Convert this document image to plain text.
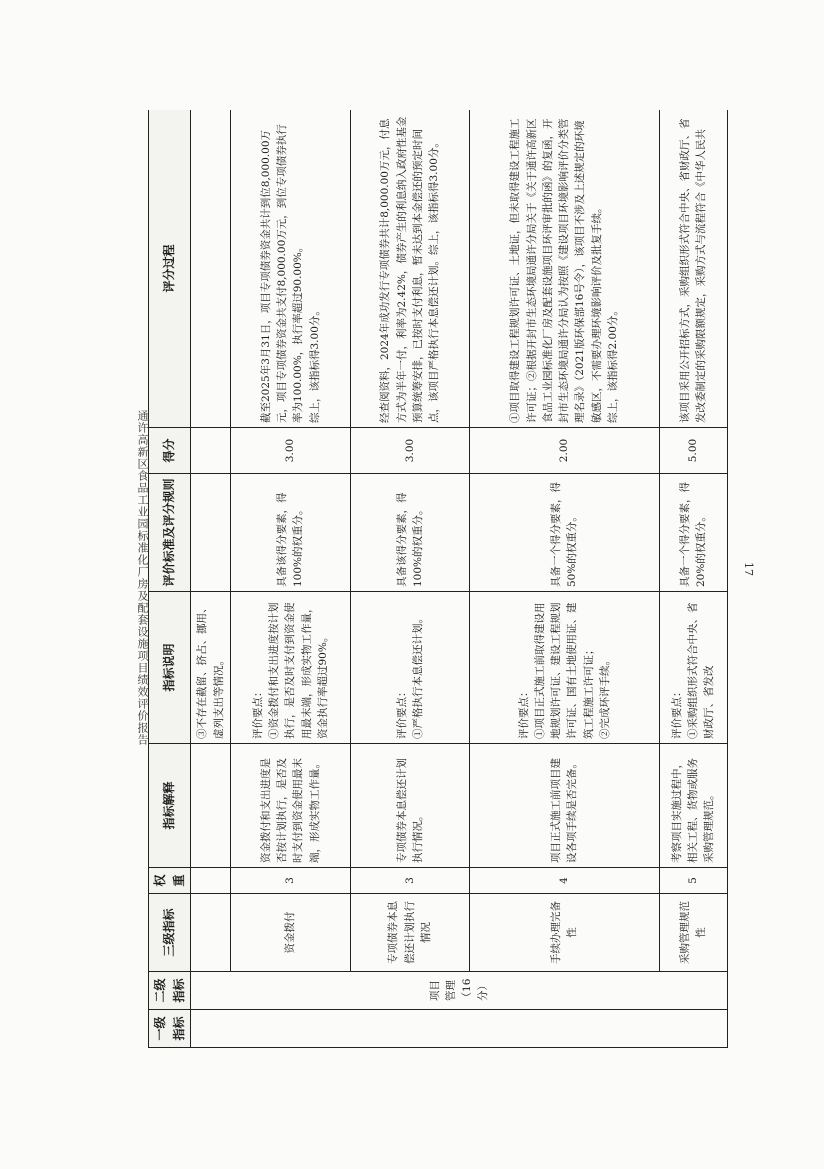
通许高新区食品工业园标准化厂房及配套设施项目绩效评价报告
一级指标	二级指标	三级指标	权重	指标解释	指标说明	评价标准及评分规则	得分	评分过程
	项目管理（16分）				③不存在截留、挤占、挪用、虚列支出等情况。			
		资金拨付	3	资金拨付和支出进度是否按计划执行，是否及时支付到资金使用最末端，形成实物工作量。	评价要点：
①资金拨付和支出进度按计划执行，是否及时支付到资金使用最末端，形成实物工作量，资金执行率超过90%。	具备该得分要素，得100%的权重分。	3.00	截至2025年3月31日，项目专项债券资金共计到位8,000.00万元，项目专项债券资金共支付8,000.00万元，到位专项债券执行率为100.00%，执行率超过90.00%。
综上，该指标得3.00分。
		专项债券本息偿还计划执行情况	3	专项债券本息偿还计划执行情况。	评价要点：
①严格执行本息偿还计划。	具备该得分要素，得100%的权重分。	3.00	经查阅资料，2024年成功发行专项债券共计8,000.00万元，付息方式为半年一付，利率为2.42%，债券产生的利息纳入政府性基金预算统筹安排，已按时支付利息，暂未达到本金偿还的预定时间点，该项目严格执行本息偿还计划。综上，该指标得3.00分。
		手续办理完备性	4	项目正式施工前项目建设各项手续是否完备。	评价要点：
①项目正式施工前取得建设用地规划许可证、建设工程规划许可证、国有土地使用证、建筑工程施工许可证；
②完成环评手续。	具备一个得分要素，得50%的权重分。	2.00	①项目取得建设工程规划许可证、土地证，但未取得建设工程施工许可证；②根据开封市生态环境局通许分局关于《关于通许高新区食品工业园标准化厂房及配套设施项目环评审批的函》的复函，开封市生态环境局通许分局认为按照《建设项目环境影响评价分类管理名录》（2021版环保部16号令），该项目不涉及上述规定的环境敏感区，不需要办理环境影响评价及批复手续。
综上，该指标得2.00分。
		采购管理规范性	5	考察项目实施过程中，相关工程、货物或服务采购管理规范。	评价要点：
①采购组织形式符合中央、省财政厅、省发改	具备一个得分要素，得20%的权重分。	5.00	该项目采用公开招标方式，采购组织形式符合中央、省财政厅、省发改委制定的采购限额规定，采购方式与流程符合《中华人民共
17
